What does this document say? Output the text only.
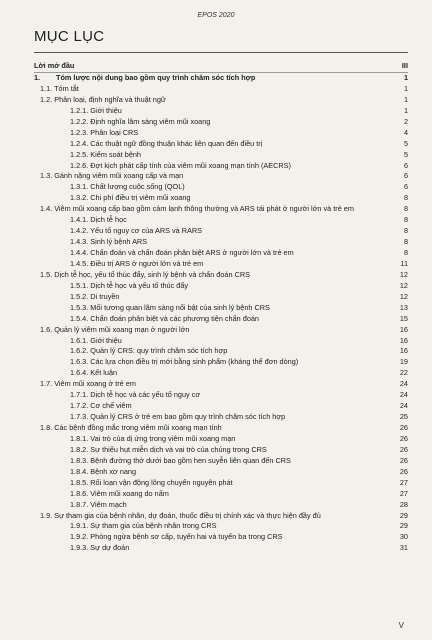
EPOS 2020
MỤC LỤC
Lời mở đầu	III
1.	Tóm lược nội dung bao gồm quy trình chăm sóc tích hợp	1
1.1. Tóm tắt	1
1.2. Phân loại, định nghĩa và thuật ngữ	1
1.2.1. Giới thiệu	1
1.2.2. Định nghĩa lâm sàng viêm mũi xoang	2
1.2.3. Phân loại CRS	4
1.2.4. Các thuật ngữ đồng thuận khác liên quan đến điều trị	5
1.2.5. Kiểm soát bệnh	5
1.2.6. Đợt kịch phát cấp tính của viêm mũi xoang mạn tính (AECRS)	6
1.3. Gánh nặng viêm mũi xoang cấp và mạn	6
1.3.1. Chất lượng cuộc sống (QOL)	6
1.3.2. Chi phí điều trị viêm mũi xoang	8
1.4. Viêm mũi xoang cấp bao gồm cảm lạnh thông thường và ARS tái phát ở người lớn và trẻ em	8
1.4.1. Dịch tễ học	8
1.4.2. Yếu tố nguy cơ của ARS và RARS	8
1.4.3. Sinh lý bệnh ARS	8
1.4.4. Chẩn đoán và chẩn đoán phân biệt ARS ở người lớn và trẻ em	8
1.4.5. Điều trị ARS ở người lớn và trẻ em	11
1.5. Dịch tễ học, yếu tố thúc đẩy, sinh lý bệnh và chẩn đoán CRS	12
1.5.1. Dịch tễ học và yếu tố thúc đẩy	12
1.5.2. Di truyền	12
1.5.3. Mối tương quan lâm sàng nổi bật của sinh lý bệnh CRS	13
1.5.4. Chẩn đoán phân biệt và các phương tiện chẩn đoán	15
1.6. Quản lý viêm mũi xoang mạn ở người lớn	16
1.6.1. Giới thiệu	16
1.6.2. Quản lý CRS: quy trình chăm sóc tích hợp	16
1.6.3. Các lựa chọn điều trị mới bằng sinh phẩm (kháng thể đơn dòng)	19
1.6.4. Kết luận	22
1.7. Viêm mũi xoang ở trẻ em	24
1.7.1. Dịch tễ học và các yếu tố nguy cơ	24
1.7.2. Cơ chế viêm	24
1.7.3. Quản lý CRS ở trẻ em bao gồm quy trình chăm sóc tích hợp	25
1.8. Các bệnh đồng mắc trong viêm mũi xoang mạn tính	26
1.8.1. Vai trò của dị ứng trong viêm mũi xoang mạn	26
1.8.2. Sự thiếu hụt miễn dịch và vai trò của chúng trong CRS	26
1.8.3. Bệnh đường thở dưới bao gồm hen suyễn liên quan đến CRS	26
1.8.4. Bệnh xơ nang	26
1.8.5. Rối loạn vận động lông chuyển nguyên phát	27
1.8.6. Viêm mũi xoang do nấm	27
1.8.7. Viêm mạch	28
1.9. Sự tham gia của bệnh nhân, dự đoán, thuốc điều trị chính xác và thực hiện đầy đủ	29
1.9.1. Sự tham gia của bệnh nhân trong CRS	29
1.9.2. Phòng ngừa bệnh sơ cấp, tuyến hai và tuyến ba trong CRS	30
1.9.3. Sự dự đoán	31
V
